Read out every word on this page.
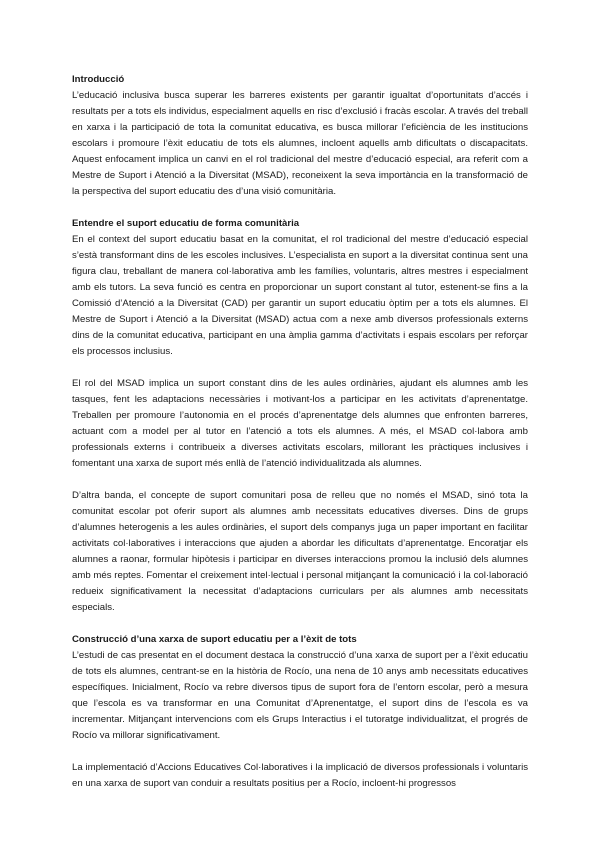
Introducció

L’educació inclusiva busca superar les barreres existents per garantir igualtat d’oportunitats d’accés i resultats per a tots els individus, especialment aquells en risc d’exclusió i fracàs escolar. A través del treball en xarxa i la participació de tota la comunitat educativa, es busca millorar l’eficiència de les institucions escolars i promoure l’èxit educatiu de tots els alumnes, incloent aquells amb dificultats o discapacitats. Aquest enfocament implica un canvi en el rol tradicional del mestre d’educació especial, ara referit com a Mestre de Suport i Atenció a la Diversitat (MSAD), reconeixent la seva importància en la transformació de la perspectiva del suport educatiu des d’una visió comunitària.

Entendre el suport educatiu de forma comunitària

En el context del suport educatiu basat en la comunitat, el rol tradicional del mestre d’educació especial s’està transformant dins de les escoles inclusives. L’especialista en suport a la diversitat continua sent una figura clau, treballant de manera col·laborativa amb les famílies, voluntaris, altres mestres i especialment amb els tutors. La seva funció es centra en proporcionar un suport constant al tutor, estenent-se fins a la Comissió d’Atenció a la Diversitat (CAD) per garantir un suport educatiu òptim per a tots els alumnes. El Mestre de Suport i Atenció a la Diversitat (MSAD) actua com a nexe amb diversos professionals externs dins de la comunitat educativa, participant en una àmplia gamma d’activitats i espais escolars per reforçar els processos inclusius.

El rol del MSAD implica un suport constant dins de les aules ordinàries, ajudant els alumnes amb les tasques, fent les adaptacions necessàries i motivant-los a participar en les activitats d’aprenentatge. Treballen per promoure l’autonomia en el procés d’aprenentatge dels alumnes que enfronten barreres, actuant com a model per al tutor en l’atenció a tots els alumnes. A més, el MSAD col·labora amb professionals externs i contribueix a diverses activitats escolars, millorant les pràctiques inclusives i fomentant una xarxa de suport més enllà de l’atenció individualitzada als alumnes.

D’altra banda, el concepte de suport comunitari posa de relleu que no només el MSAD, sinó tota la comunitat escolar pot oferir suport als alumnes amb necessitats educatives diverses. Dins de grups d’alumnes heterogenis a les aules ordinàries, el suport dels companys juga un paper important en facilitar activitats col·laboratives i interaccions que ajuden a abordar les dificultats d’aprenentatge. Encoratjar els alumnes a raonar, formular hipòtesis i participar en diverses interaccions promou la inclusió dels alumnes amb més reptes. Fomentar el creixement intel·lectual i personal mitjançant la comunicació i la col·laboració redueix significativament la necessitat d’adaptacions curriculars per als alumnes amb necessitats especials.

Construcció d’una xarxa de suport educatiu per a l’èxit de tots

L’estudi de cas presentat en el document destaca la construcció d’una xarxa de suport per a l’èxit educatiu de tots els alumnes, centrant-se en la història de Rocío, una nena de 10 anys amb necessitats educatives específiques. Inicialment, Rocío va rebre diversos tipus de suport fora de l’entorn escolar, però a mesura que l’escola es va transformar en una Comunitat d’Aprenentatge, el suport dins de l’escola es va incrementar. Mitjançant intervencions com els Grups Interactius i el tutoratge individualitzat, el progrés de Rocío va millorar significativament.

La implementació d’Accions Educatives Col·laboratives i la implicació de diversos professionals i voluntaris en una xarxa de suport van conduir a resultats positius per a Rocío, incloent-hi progressos
